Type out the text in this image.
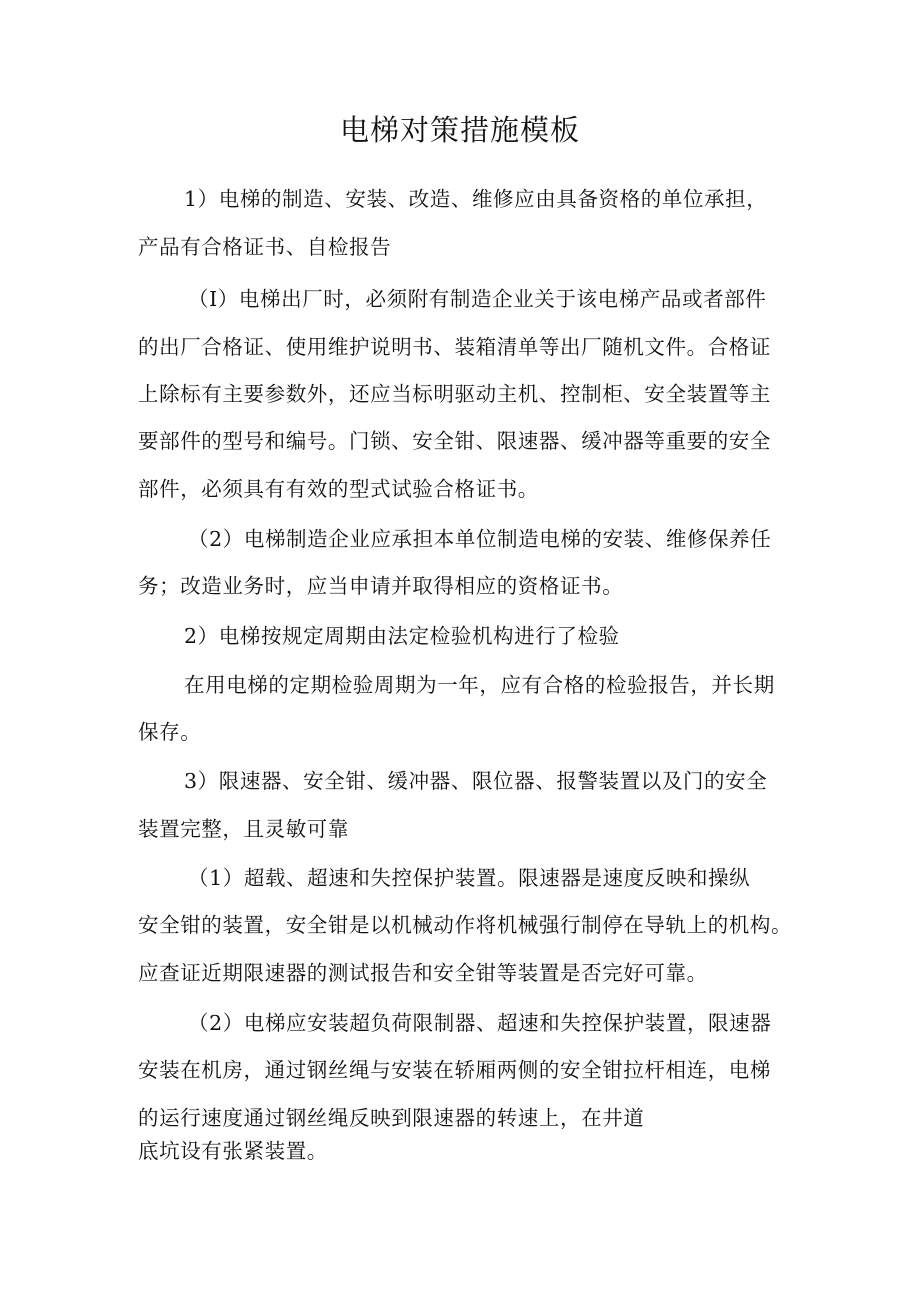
电梯对策措施模板
1）电梯的制造、安装、改造、维修应由具备资格的单位承担，
产品有合格证书、自检报告
（I）电梯出厂时，必须附有制造企业关于该电梯产品或者部件
的出厂合格证、使用维护说明书、装箱清单等出厂随机文件。合格证
上除标有主要参数外，还应当标明驱动主机、控制柜、安全装置等主
要部件的型号和编号。门锁、安全钳、限速器、缓冲器等重要的安全
部件，必须具有有效的型式试验合格证书。
（2）电梯制造企业应承担本单位制造电梯的安装、维修保养任
务；改造业务时，应当申请并取得相应的资格证书。
2）电梯按规定周期由法定检验机构进行了检验
在用电梯的定期检验周期为一年，应有合格的检验报告，并长期
保存。
3）限速器、安全钳、缓冲器、限位器、报警装置以及门的安全
装置完整，且灵敏可靠
（1）超载、超速和失控保护装置。限速器是速度反映和操纵
安全钳的装置，安全钳是以机械动作将机械强行制停在导轨上的机构。
应查证近期限速器的测试报告和安全钳等装置是否完好可靠。
（2）电梯应安装超负荷限制器、超速和失控保护装置，限速器
安装在机房，通过钢丝绳与安装在轿厢两侧的安全钳拉杆相连，电梯
的运行速度通过钢丝绳反映到限速器的转速上，在井道
底坑设有张紧装置。
